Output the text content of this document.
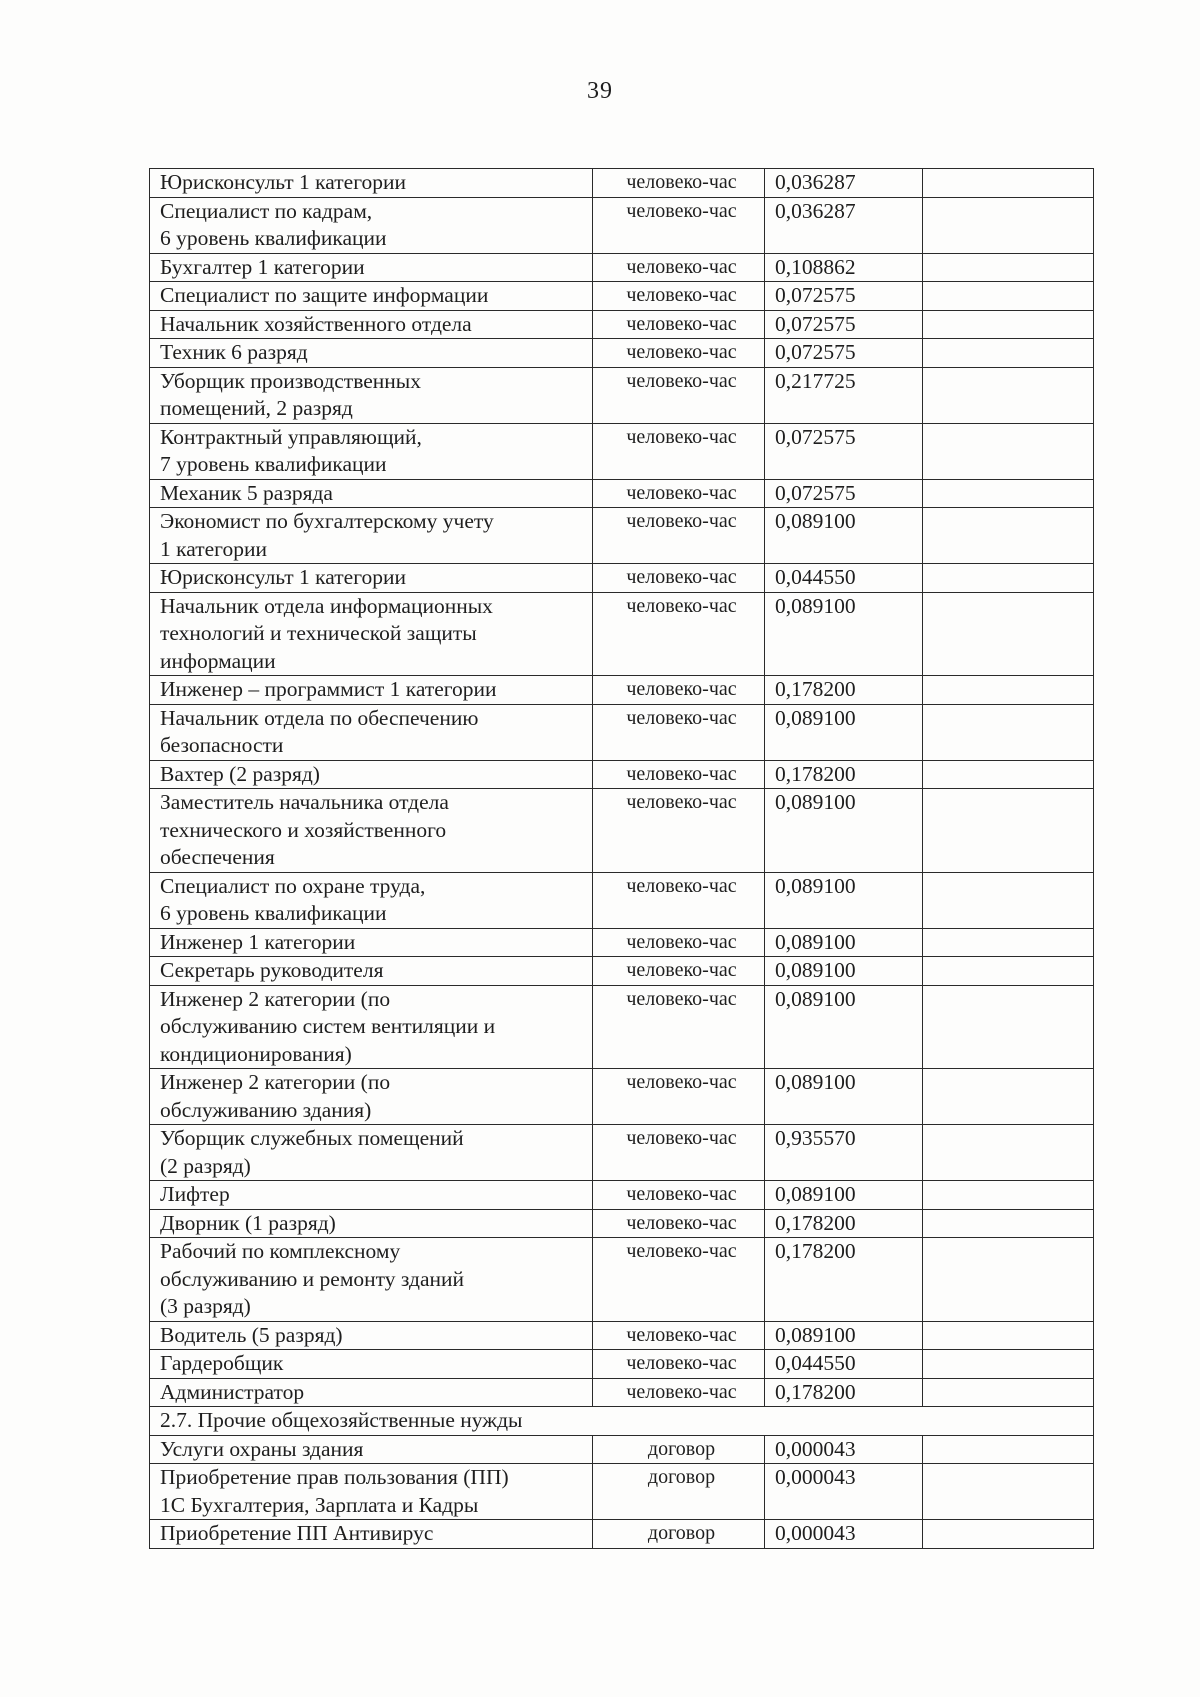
39
Юрисконсульт 1 категории	человеко-час	0,036287	

Специалист по кадрам,
6 уровень квалификации	человеко-час	0,036287	

Бухгалтер 1 категории	человеко-час	0,108862	

Специалист по защите информации	человеко-час	0,072575	

Начальник хозяйственного отдела	человеко-час	0,072575	

Техник 6 разряд	человеко-час	0,072575	

Уборщик производственных
помещений, 2 разряд	человеко-час	0,217725	

Контрактный управляющий,
7 уровень квалификации	человеко-час	0,072575	

Механик 5 разряда	человеко-час	0,072575	

Экономист по бухгалтерскому учету
1 категории	человеко-час	0,089100	

Юрисконсульт 1 категории	человеко-час	0,044550	

Начальник отдела информационных
технологий и технической защиты
информации	человеко-час	0,089100	

Инженер – программист 1 категории	человеко-час	0,178200	

Начальник отдела по обеспечению
безопасности	человеко-час	0,089100	

Вахтер (2 разряд)	человеко-час	0,178200	

Заместитель начальника отдела
технического и хозяйственного
обеспечения	человеко-час	0,089100	

Специалист по охране труда,
6 уровень квалификации	человеко-час	0,089100	

Инженер 1 категории	человеко-час	0,089100	

Секретарь руководителя	человеко-час	0,089100	

Инженер 2 категории (по
обслуживанию систем вентиляции и
кондиционирования)	человеко-час	0,089100	

Инженер 2 категории (по
обслуживанию здания)	человеко-час	0,089100	

Уборщик служебных помещений
(2 разряд)	человеко-час	0,935570	

Лифтер	человеко-час	0,089100	

Дворник (1 разряд)	человеко-час	0,178200	

Рабочий по комплексному
обслуживанию и ремонту зданий
(3 разряд)	человеко-час	0,178200	

Водитель (5 разряд)	человеко-час	0,089100	

Гардеробщик	человеко-час	0,044550	

Администратор	человеко-час	0,178200	
2.7. Прочие общехозяйственные нужды			

Услуги охраны здания	договор	0,000043	

Приобретение прав пользования (ПП)
1С Бухгалтерия, Зарплата и Кадры	договор	0,000043	

Приобретение ПП Антивирус	договор	0,000043	
